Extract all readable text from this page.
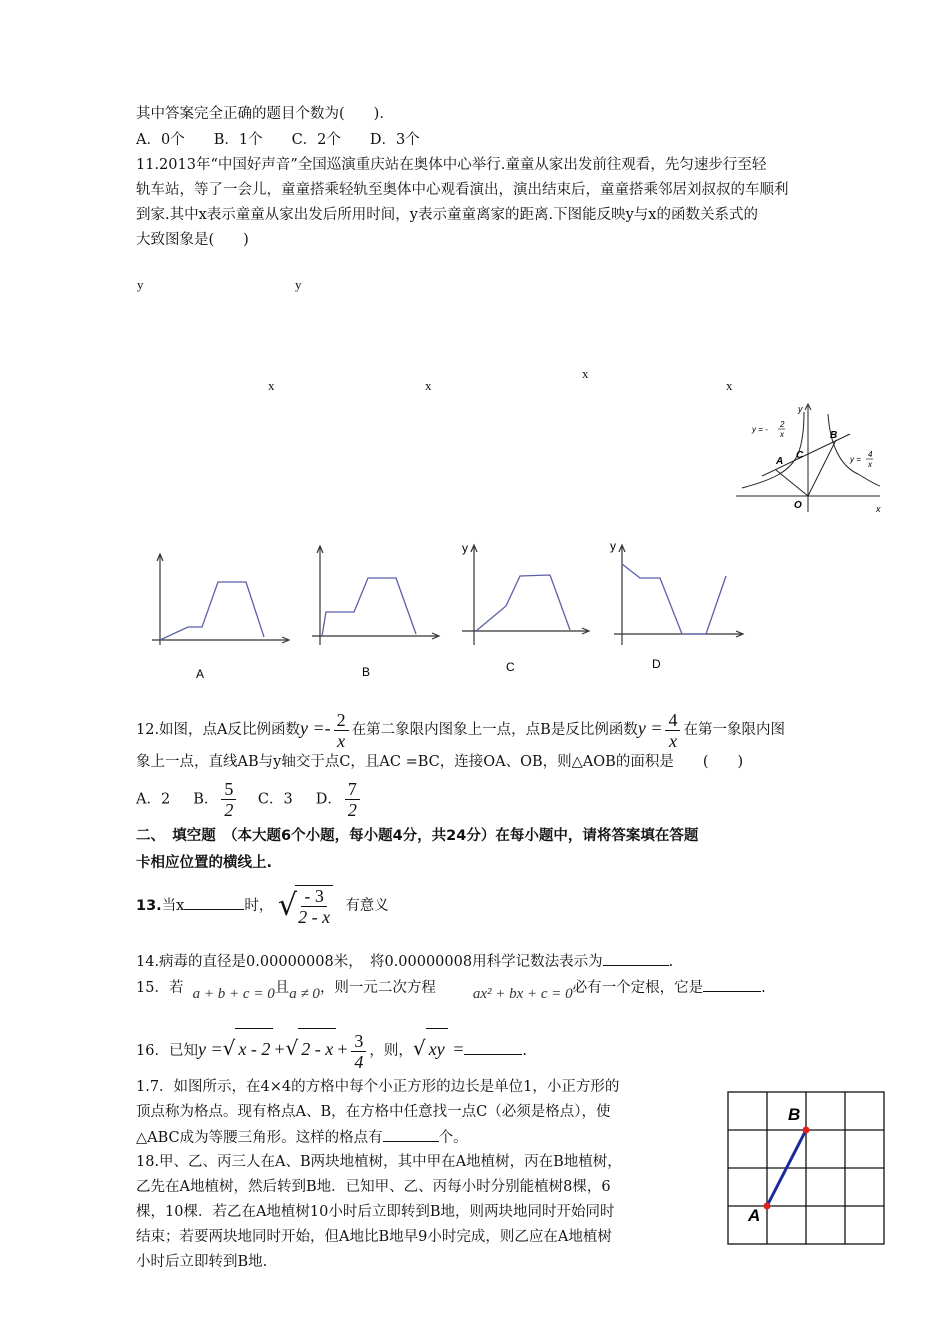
其中答案完全正确的题目个数为(　　)．
A．0个　　B．1个　　C．2个　　D．3个
11.2013年“中国好声音”全国巡演重庆站在奥体中心举行.童童从家出发前往观看，先匀速步行至轻
轨车站，等了一会儿，童童搭乘轻轨至奥体中心观看演出，演出结束后，童童搭乘邻居刘叔叔的车顺利
到家.其中x表示童童从家出发后所用时间，y表示童童离家的距离.下图能反映y与x的函数关系式的
大致图象是(　　)
y	y
x	x
x
x
A
B
C
O	x
y
y = -
2
x
y =
4
x
A	B	C	D
y	y
12.如图，点A反比例函数$y =- \frac{2}{x}$ 在第二象限内图象上一点，点B是反比例函数$y = \frac{4}{x}$ 在第一象限内图
象上一点，直线AB与y轴交于点C，且AC =BC，连接OA、OB，则△AOB的面积是　　(　　)
A．2 B． $\frac{5}{2}$ C．3 D． $\frac{7}{2}$
二、　填空题　（本大题6个小题，每小题4分，共24分）在每小题中，请将答案填在答题
卡相应位置的横线上.
13.当x	时， √
$\frac{- 3}{2 - x}$ 有意义
14.病毒的直径是0.00000008米，　将0.00000008用科学记数法表示为	.
15．若 a + b + c = 0且a ≠ 0，则一元二次方程 ax² + bx + c = 0必有一个定根，它是	.
16．已知y =√ x - 2 +√ $2 - x + \frac{3}{4}$ ，则，√ xy =	.
1.7．如图所示，在4×4的方格中每个小正方形的边长是单位1，小正方形的
顶点称为格点。现有格点A、B，在方格中任意找一点C（必须是格点），使
△ABC成为等腰三角形。这样的格点有	个。
A
B
18.甲、乙、丙三人在A、B两块地植树，其中甲在A地植树，丙在B地植树，
乙先在A地植树，然后转到B地．已知甲、乙、丙每小时分别能植树8棵，6
棵，10棵．若乙在A地植树10小时后立即转到B地，则两块地同时开始同时
结束；若要两块地同时开始，但A地比B地早9小时完成，则乙应在A地植树
小时后立即转到B地.
